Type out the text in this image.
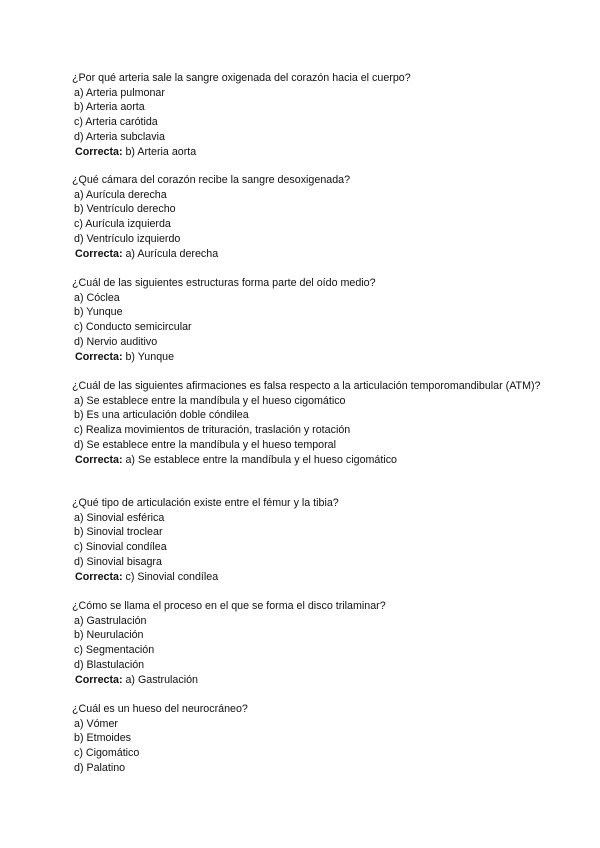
¿Por qué arteria sale la sangre oxigenada del corazón hacia el cuerpo?
a) Arteria pulmonar
b) Arteria aorta
c) Arteria carótida
d) Arteria subclavia
Correcta: b) Arteria aorta
¿Qué cámara del corazón recibe la sangre desoxigenada?
a) Aurícula derecha
b) Ventrículo derecho
c) Aurícula izquierda
d) Ventrículo izquierdo
Correcta: a) Aurícula derecha
¿Cuál de las siguientes estructuras forma parte del oído medio?
a) Cóclea
b) Yunque
c) Conducto semicircular
d) Nervio auditivo
Correcta: b) Yunque
¿Cuál de las siguientes afirmaciones es falsa respecto a la articulación temporomandibular (ATM)?
a) Se establece entre la mandíbula y el hueso cigomático
b) Es una articulación doble cóndilea
c) Realiza movimientos de trituración, traslación y rotación
d) Se establece entre la mandíbula y el hueso temporal
Correcta: a) Se establece entre la mandíbula y el hueso cigomático
¿Qué tipo de articulación existe entre el fémur y la tibia?
a) Sinovial esférica
b) Sinovial troclear
c) Sinovial condílea
d) Sinovial bisagra
Correcta: c) Sinovial condílea
¿Cómo se llama el proceso en el que se forma el disco trilaminar?
a) Gastrulación
b) Neurulación
c) Segmentación
d) Blastulación
Correcta: a) Gastrulación
¿Cuál es un hueso del neurocráneo?
a) Vómer
b) Etmoides
c) Cigomático
d) Palatino
